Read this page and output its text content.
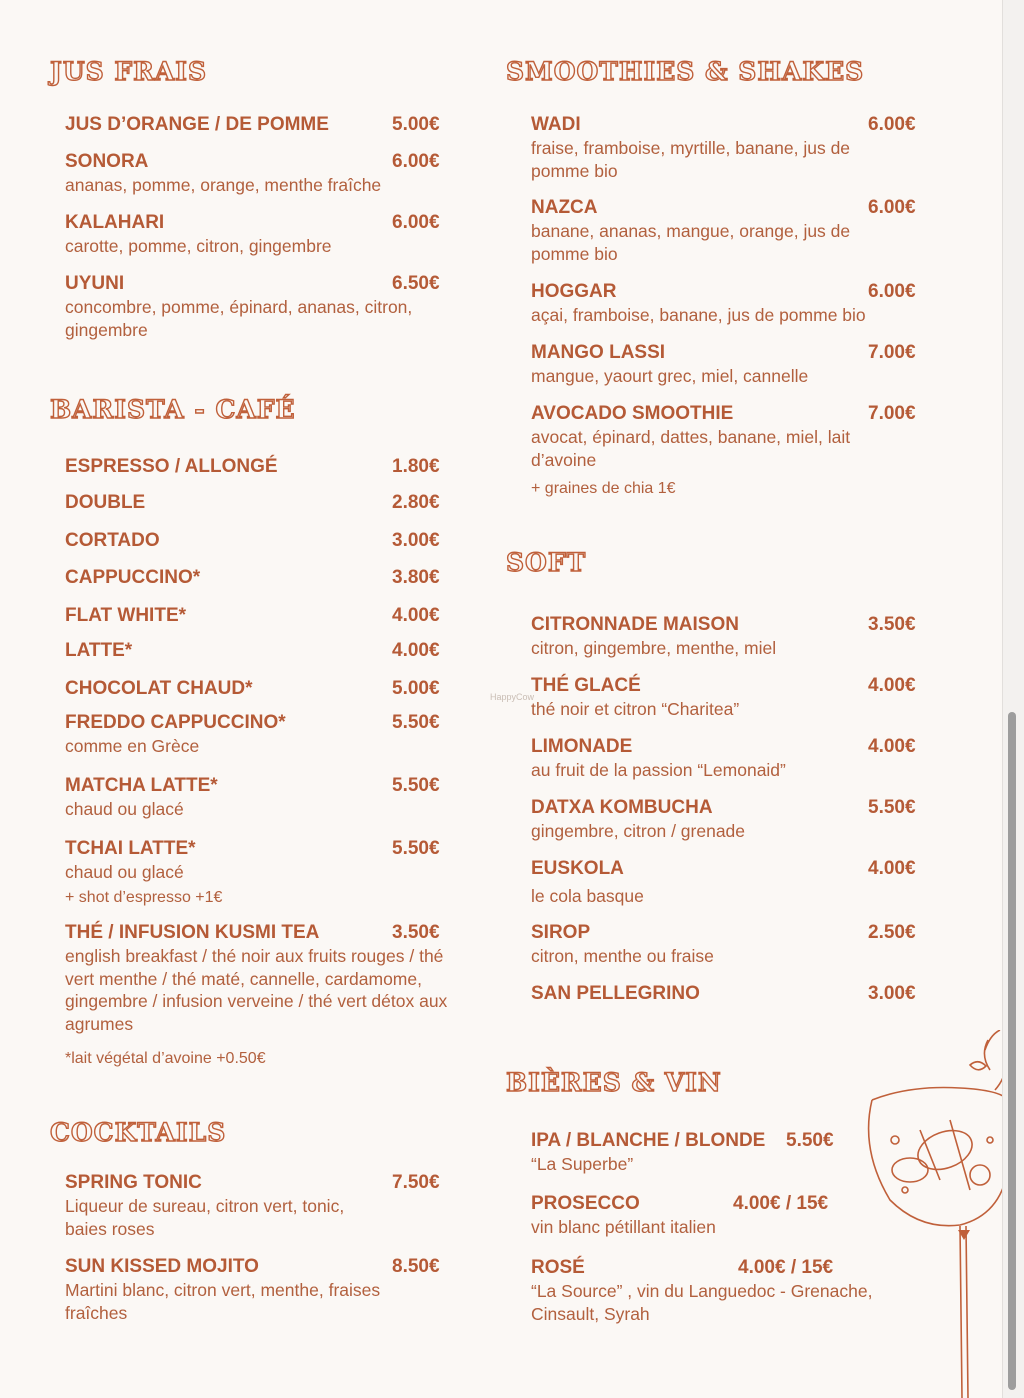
JUS FRAIS
JUS D’ORANGE / DE POMME	5.00€
SONORA	6.00€
ananas, pomme, orange, menthe fraîche
KALAHARI	6.00€
carotte, pomme, citron, gingembre
UYUNI	6.50€
concombre, pomme, épinard, ananas, citron, gingembre
BARISTA - CAFÉ
ESPRESSO / ALLONGÉ	1.80€
DOUBLE	2.80€
CORTADO	3.00€
CAPPUCCINO*	3.80€
FLAT WHITE*	4.00€
LATTE*	4.00€
CHOCOLAT CHAUD*	5.00€
FREDDO CAPPUCCINO*	5.50€
comme en Grèce
MATCHA LATTE*	5.50€
chaud ou glacé
TCHAI LATTE*	5.50€
chaud ou glacé
+ shot d’espresso +1€
THÉ / INFUSION KUSMI TEA	3.50€
english breakfast / thé noir aux fruits rouges / thé vert menthe / thé maté, cannelle, cardamome, gingembre / infusion verveine / thé vert détox aux agrumes
*lait végétal d’avoine +0.50€
COCKTAILS
SPRING TONIC	7.50€
Liqueur de sureau, citron vert, tonic, baies roses
SUN KISSED MOJITO	8.50€
Martini blanc, citron vert, menthe, fraises fraîches
SMOOTHIES & SHAKES
WADI	6.00€
fraise, framboise, myrtille, banane, jus de pomme bio
NAZCA	6.00€
banane, ananas, mangue, orange, jus de pomme bio
HOGGAR	6.00€
açai, framboise, banane, jus de pomme bio
MANGO LASSI	7.00€
mangue, yaourt grec, miel, cannelle
AVOCADO SMOOTHIE	7.00€
avocat, épinard, dattes, banane, miel, lait d’avoine
+ graines de chia 1€
SOFT
CITRONNADE MAISON	3.50€
citron, gingembre, menthe, miel
THÉ GLACÉ	4.00€
thé noir et citron “Charitea”
LIMONADE	4.00€
au fruit de la passion “Lemonaid”
DATXA KOMBUCHA	5.50€
gingembre, citron / grenade
EUSKOLA	4.00€
le cola basque
SIROP	2.50€
citron, menthe ou fraise
SAN PELLEGRINO	3.00€
BIÈRES & VIN
IPA / BLANCHE / BLONDE 5.50€
“La Superbe”
PROSECCO	4.00€ / 15€
vin blanc pétillant italien
ROSÉ	4.00€ / 15€
“La Source” , vin du Languedoc - Grenache, Cinsault, Syrah
HappyCow
